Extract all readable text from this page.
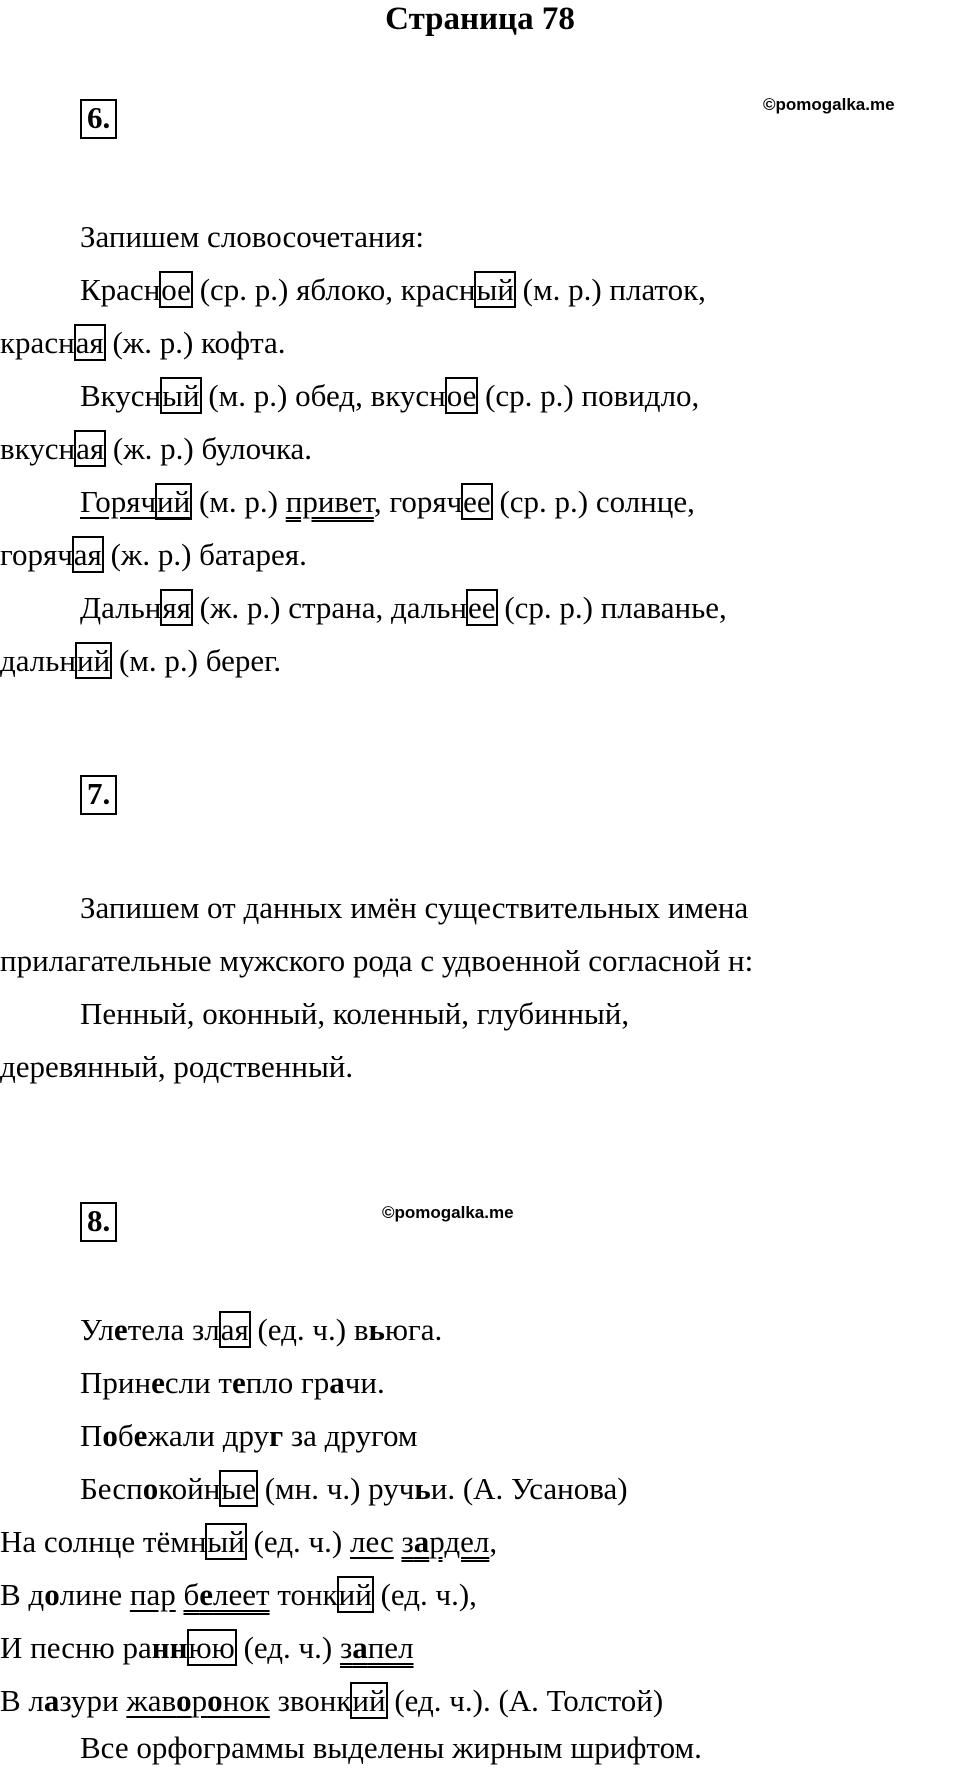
Страница 78
©pomogalka.me
6.
Запишем словосочетания:
Красное (ср. р.) яблоко, красный (м. р.) платок,
красная (ж. р.) кофта.
Вкусный (м. р.) обед, вкусное (ср. р.) повидло,
вкусная (ж. р.) булочка.
Горячий (м. р.) привет, горячее (ср. р.) солнце,
горячая (ж. р.) батарея.
Дальняя (ж. р.) страна, дальнее (ср. р.) плаванье,
дальний (м. р.) берег.
7.
Запишем от данных имён существительных имена
прилагательные мужского рода с удвоенной согласной н:
Пенный, оконный, коленный, глубинный,
деревянный, родственный.
8.	©pomogalka.me
Улетела злая (ед. ч.) вьюга.
Принесли тепло грачи.
Побежали друг за другом
Беспокойные (мн. ч.) ручьи. (А. Усанова)
На солнце тёмный (ед. ч.) лес зардел,
В долине пар белеет тонкий (ед. ч.),
И песню раннюю (ед. ч.) запел
В лазури жаворонок звонкий (ед. ч.). (А. Толстой)
Все орфограммы выделены жирным шрифтом.
